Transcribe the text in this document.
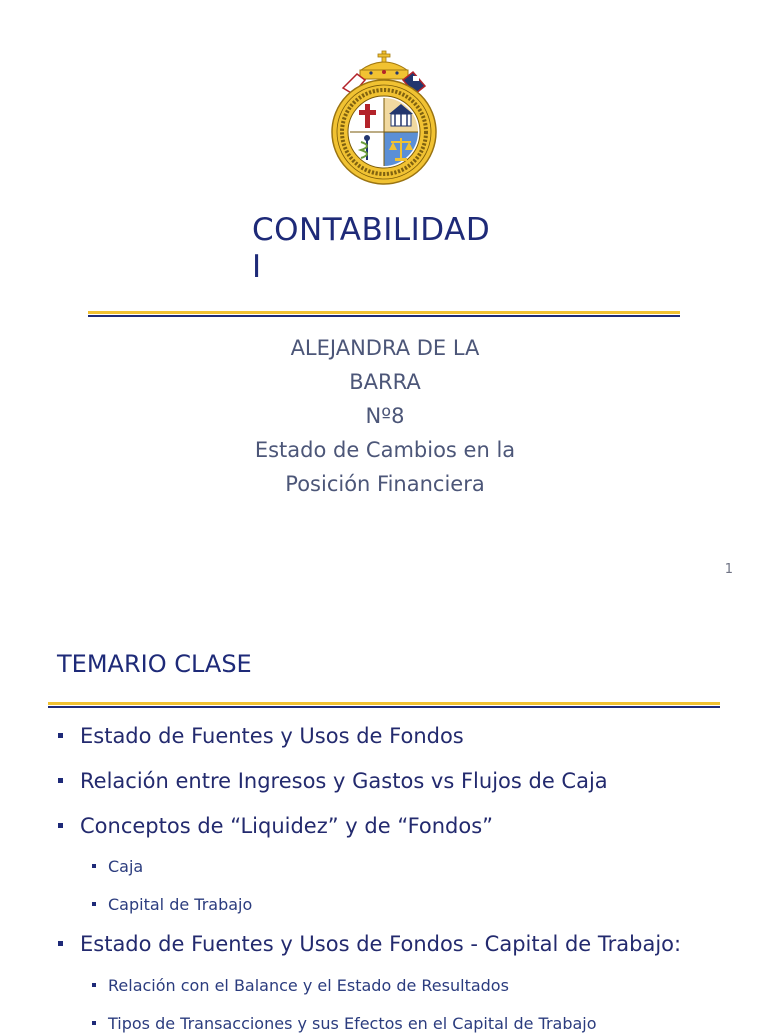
CONTABILIDAD
I
ALEJANDRA DE LA
BARRA
Nº8
Estado de Cambios en la
Posición Financiera
1
TEMARIO CLASE
Estado de Fuentes y Usos de Fondos
Relación entre Ingresos y Gastos vs Flujos de Caja
Conceptos de “Liquidez” y de “Fondos”
Caja
Capital de Trabajo
Estado de Fuentes y Usos de Fondos - Capital de Trabajo:
Relación con el Balance y el Estado de Resultados
Tipos de Transacciones y sus Efectos en el Capital de Trabajo
